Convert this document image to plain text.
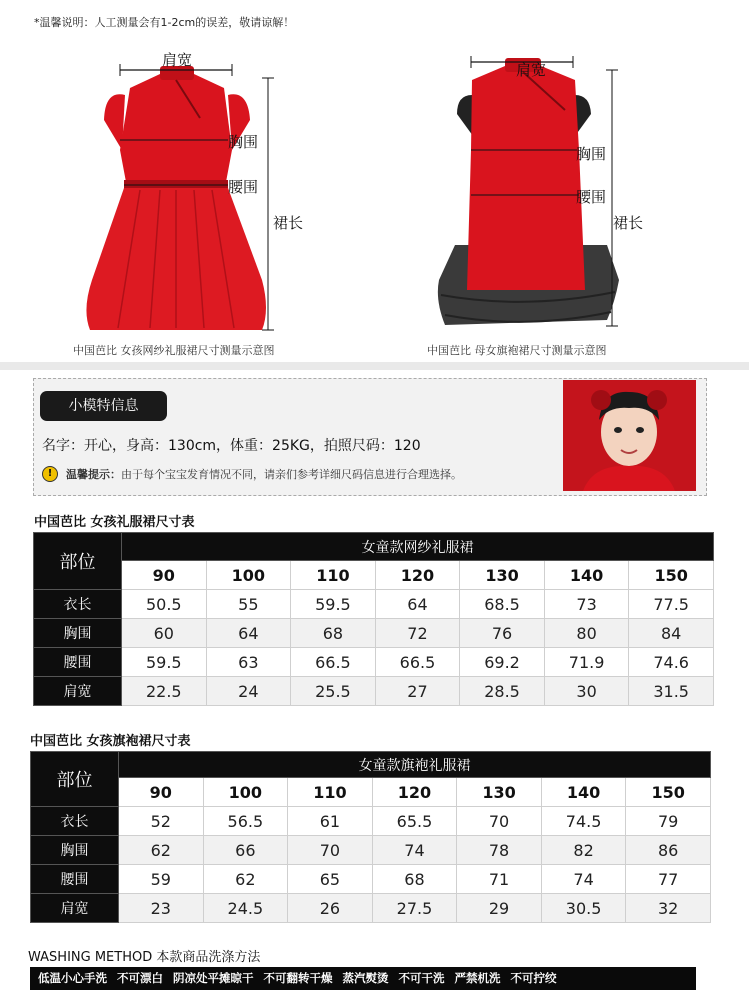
*温馨说明：人工测量会有1-2cm的误差，敬请谅解！
肩宽
胸围
腰围
裙长
中国芭比 女孩网纱礼服裙尺寸测量示意图
肩宽
胸围
腰围
裙长
中国芭比 母女旗袍裙尺寸测量示意图
小模特信息
名字：开心，身高：130cm，体重：25KG，拍照尺码：120
!	温馨提示：由于每个宝宝发育情况不同，请亲们参考详细尺码信息进行合理选择。
中国芭比 女孩礼服裙尺寸表
部位	女童款网纱礼服裙						
	90	100	110	120	130	140	150
衣长	50.5	55	59.5	64	68.5	73	77.5
胸围	60	64	68	72	76	80	84
腰围	59.5	63	66.5	66.5	69.2	71.9	74.6
肩宽	22.5	24	25.5	27	28.5	30	31.5
中国芭比 女孩旗袍裙尺寸表
部位	女童款旗袍礼服裙						
	90	100	110	120	130	140	150
衣长	52	56.5	61	65.5	70	74.5	79
胸围	62	66	70	74	78	82	86
腰围	59	62	65	68	71	74	77
肩宽	23	24.5	26	27.5	29	30.5	32
WASHING METHOD 本款商品洗涤方法
低温小心手洗 不可漂白 阴凉处平摊晾干 不可翻转干燥 蒸汽熨烫 不可干洗 严禁机洗 不可拧绞
